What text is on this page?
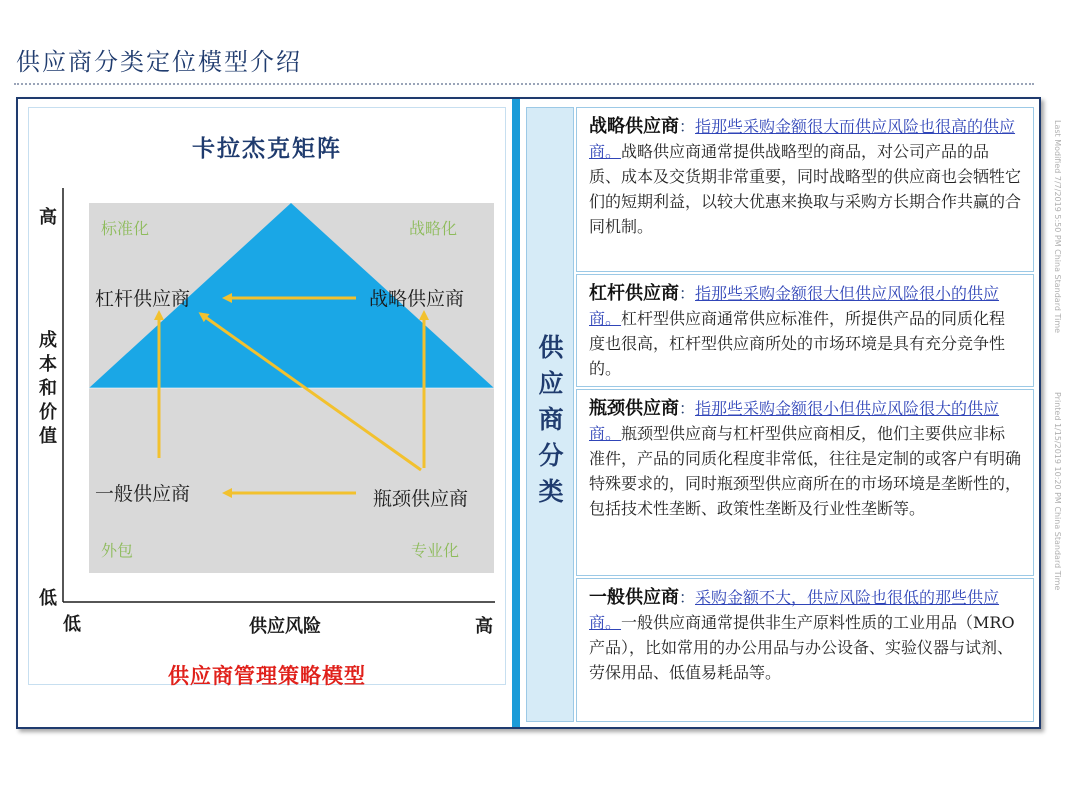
供应商分类定位模型介绍
卡拉杰克矩阵
标准化	战略化
外包	专业化
杠杆供应商	战略供应商
一般供应商	瓶颈供应商
高
成
本
和
价
值
低
低	供应风险	高
供应商管理策略模型
供
应
商
分
类
战略供应商：指那些采购金额很大而供应风险也很高的供应商。战略供应商通常提供战略型的商品，对公司产品的品质、成本及交货期非常重要，同时战略型的供应商也会牺牲它们的短期利益，以较大优惠来换取与采购方长期合作共赢的合同机制。
杠杆供应商：指那些采购金额很大但供应风险很小的供应商。杠杆型供应商通常供应标准件，所提供产品的同质化程度也很高，杠杆型供应商所处的市场环境是具有充分竞争性的。
瓶颈供应商：指那些采购金额很小但供应风险很大的供应商。瓶颈型供应商与杠杆型供应商相反，他们主要供应非标准件，产品的同质化程度非常低，往往是定制的或客户有明确特殊要求的，同时瓶颈型供应商所在的市场环境是垄断性的，包括技术性垄断、政策性垄断及行业性垄断等。
一般供应商：采购金额不大，供应风险也很低的那些供应商。一般供应商通常提供非生产原料性质的工业用品（MRO产品），比如常用的办公用品与办公设备、实验仪器与试剂、劳保用品、低值易耗品等。
Last Modified 7/7/2019 5:50 PM China Standard Time
Printed 1/15/2019 10:20 PM China Standard Time
